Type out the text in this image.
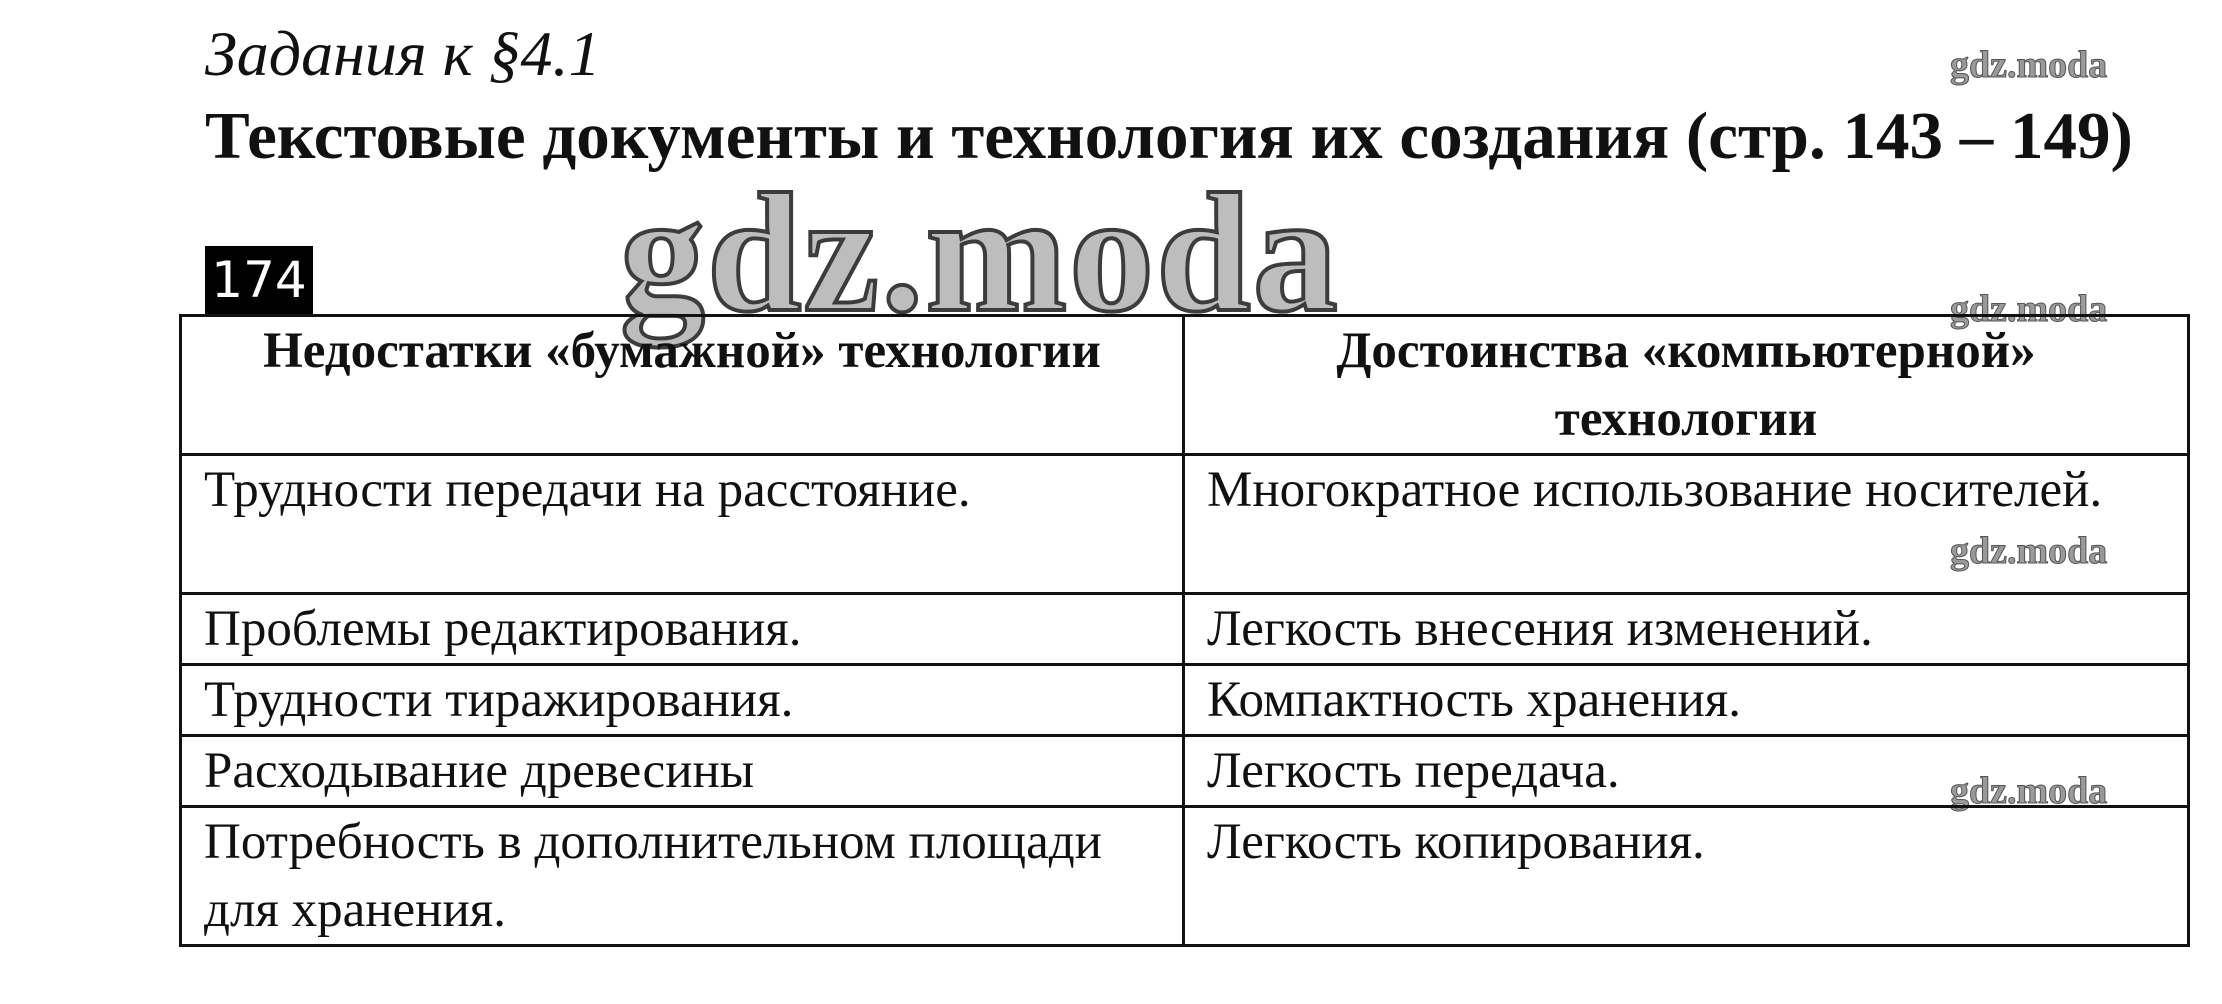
Задания к §4.1
Текстовые документы и технология их создания (стр. 143 – 149)
gdz.moda
gdz.moda
gdz.moda
gdz.moda
gdz.moda
174
Недостатки «бумажной» технологии	Достоинства «компьютерной» технологии
Трудности передачи на расстояние.	Многократное использование носителей.
Проблемы редактирования.	Легкость внесения изменений.
Трудности тиражирования.	Компактность хранения.
Расходывание древесины	Легкость передача.
Потребность в дополнительном площади для хранения.	Легкость копирования.
